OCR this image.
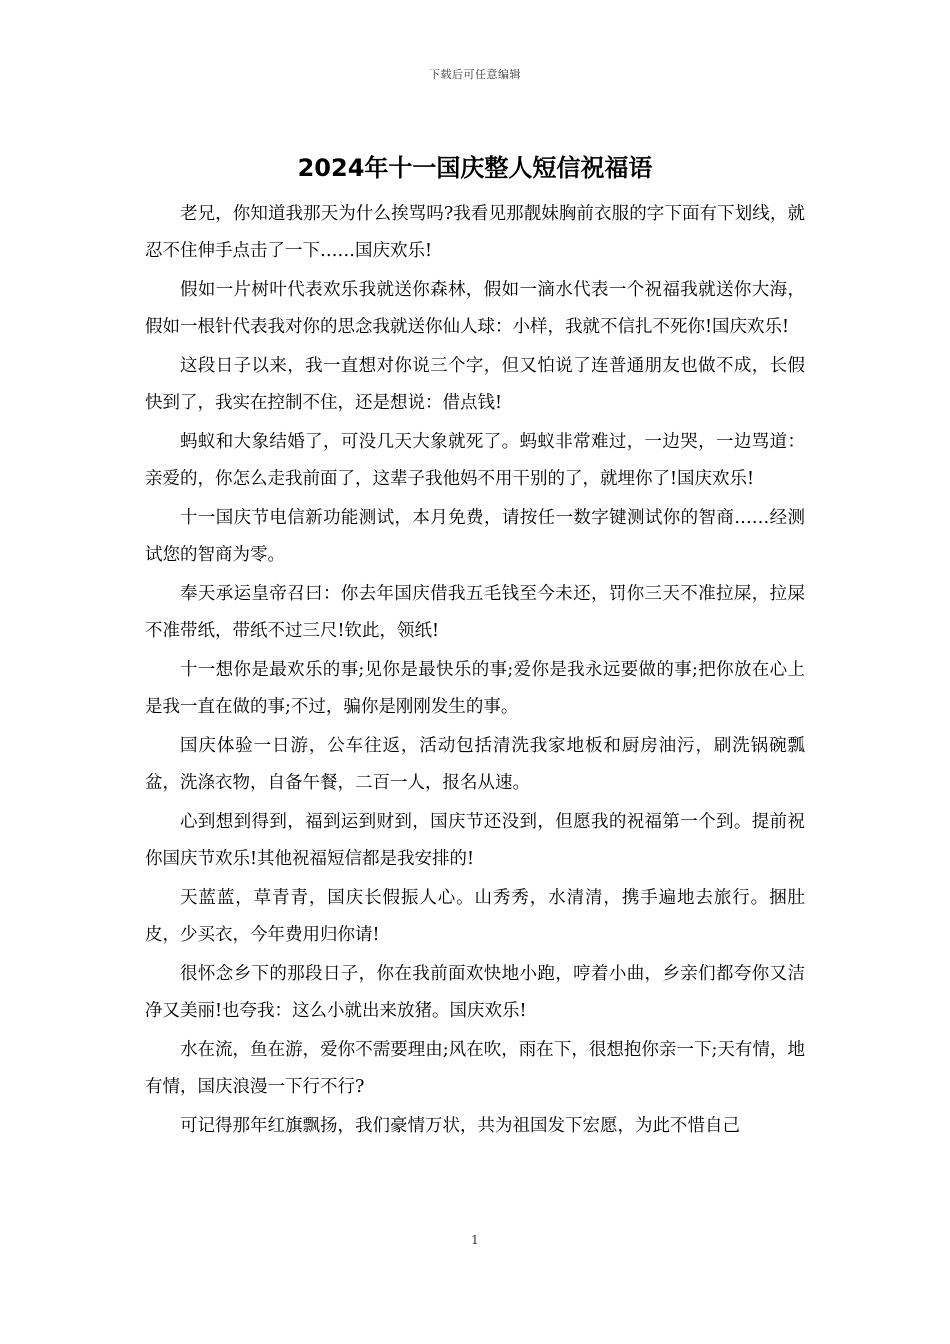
下载后可任意编辑
2024年十一国庆整人短信祝福语

老兄，你知道我那天为什么挨骂吗?我看见那靓妹胸前衣服的字下面有下划线，就忍不住伸手点击了一下……国庆欢乐!

假如一片树叶代表欢乐我就送你森林，假如一滴水代表一个祝福我就送你大海，假如一根针代表我对你的思念我就送你仙人球：小样，我就不信扎不死你!国庆欢乐!

这段日子以来，我一直想对你说三个字，但又怕说了连普通朋友也做不成，长假快到了，我实在控制不住，还是想说：借点钱!

蚂蚁和大象结婚了，可没几天大象就死了。蚂蚁非常难过，一边哭，一边骂道：亲爱的，你怎么走我前面了，这辈子我他妈不用干别的了，就埋你了!国庆欢乐!

十一国庆节电信新功能测试，本月免费，请按任一数字键测试你的智商……经测试您的智商为零。

奉天承运皇帝召曰：你去年国庆借我五毛钱至今未还，罚你三天不准拉屎，拉屎不准带纸，带纸不过三尺!钦此，领纸!

十一想你是最欢乐的事;见你是最快乐的事;爱你是我永远要做的事;把你放在心上是我一直在做的事;不过，骗你是刚刚发生的事。

国庆体验一日游，公车往返，活动包括清洗我家地板和厨房油污，刷洗锅碗瓢盆，洗涤衣物，自备午餐，二百一人，报名从速。

心到想到得到，福到运到财到，国庆节还没到，但愿我的祝福第一个到。提前祝你国庆节欢乐!其他祝福短信都是我安排的!

天蓝蓝，草青青，国庆长假振人心。山秀秀，水清清，携手遍地去旅行。捆肚皮，少买衣，今年费用归你请!

很怀念乡下的那段日子，你在我前面欢快地小跑，哼着小曲，乡亲们都夸你又洁净又美丽!也夸我：这么小就出来放猪。国庆欢乐!

水在流，鱼在游，爱你不需要理由;风在吹，雨在下，很想抱你亲一下;天有情，地有情，国庆浪漫一下行不行?

可记得那年红旗飘扬，我们豪情万状，共为祖国发下宏愿，为此不惜自己

1
